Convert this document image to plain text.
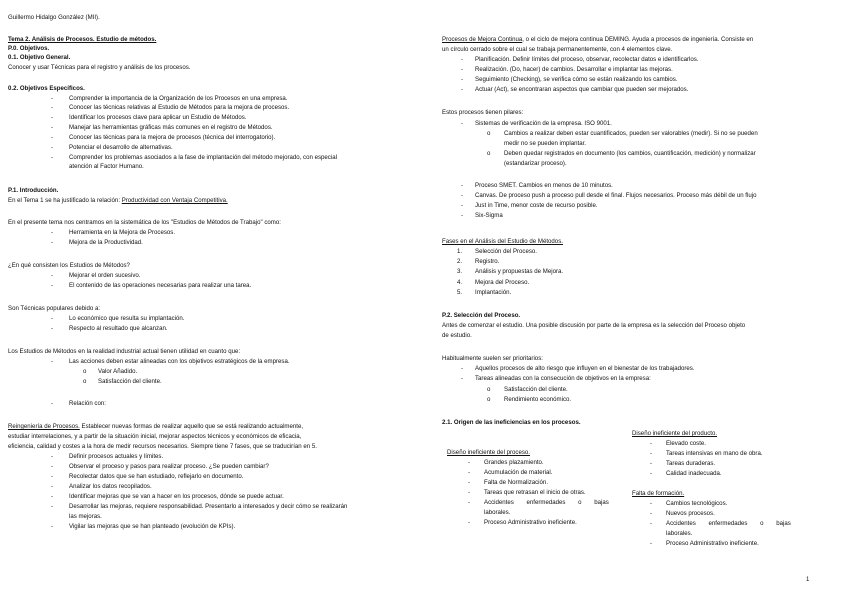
Guillermo Hidalgo González (MII).
Tema 2. Análisis de Procesos. Estudio de métodos.
P.0. Objetivos.
0.1. Objetivo General.
Conocer y usar Técnicas para el registro y análisis de los procesos.
0.2. Objetivos Específicos.
-	Comprender la importancia de la Organización de los Procesos en una empresa.
-	Conocer las técnicas relativas al Estudio de Métodos para la mejora de procesos.
-	Identificar los procesos clave para aplicar un Estudio de Métodos.
-	Manejar las herramientas gráficas más comunes en el registro de Métodos.
-	Conocer las técnicas para la mejora de procesos (técnica del interrogatorio).
-	Potenciar el desarrollo de alternativas.
-	Comprender los problemas asociados a la fase de implantación del método mejorado, con especial
atención al Factor Humano.
P.1. Introducción.
En el Tema 1 se ha justificado la relación: Productividad con Ventaja Competitiva.
En el presente tema nos centramos en la sistemática de los "Estudios de Métodos de Trabajo" como:
-	Herramienta en la Mejora de Procesos.
-	Mejora de la Productividad.
¿En qué consisten los Estudios de Métodos?
-	Mejorar el orden sucesivo.
-	El contenido de las operaciones necesarias para realizar una tarea.
Son Técnicas populares debido a:
-	Lo económico que resulta su implantación.
-	Respecto al resultado que alcanzan.
Los Estudios de Métodos en la realidad industrial actual tienen utilidad en cuanto que:
-	Las acciones deben estar alineadas con los objetivos estratégicos de la empresa.
o Valor Añadido.
o Satisfacción del cliente.
-	Relación con:
Reingeniería de Procesos. Establecer nuevas formas de realizar aquello que se está realizando actualmente,
estudiar interrelaciones, y a partir de la situación inicial, mejorar aspectos técnicos y económicos de eficacia,
eficiencia, calidad y costes a la hora de medir recursos necesarios. Siempre tiene 7 fases, que se traducirían en 5.
-	Definir procesos actuales y límites.
-	Observar el proceso y pasos para realizar proceso. ¿Se pueden cambiar?
-	Recolectar datos que se han estudiado, reflejarlo en documento.
-	Analizar los datos recopilados.
-	Identificar mejoras que se van a hacer en los procesos, dónde se puede actuar.
-	Desarrollar las mejoras, requiere responsabilidad. Presentarlo a interesados y decir cómo se realizarán
las mejoras.
-	Vigilar las mejoras que se han planteado (evolución de KPIs).
Procesos de Mejora Continua, o el ciclo de mejora continua DEMING. Ayuda a procesos de ingeniería. Consiste en
un círculo cerrado sobre el cual se trabaja permanentemente, con 4 elementos clave.
- Planificación. Definir límites del proceso, observar, recolectar datos e identificarlos.
- Realización. (Do, hacer) de cambios. Desarrollar e implantar las mejoras.
- Seguimiento (Checking), se verifica cómo se están realizando los cambios.
- Actuar (Act), se encontraran aspectos que cambiar que pueden ser mejorados.
Estos procesos tienen pilares:
- Sistemas de verificación de la empresa. ISO 9001.
o Cambios a realizar deben estar cuantificados, pueden ser valorables (medir). Si no se pueden
medir no se pueden implantar.
o Deben quedar registrados en documento (los cambios, cuantificación, medición) y normalizar
(estandarizar proceso).
- Proceso SMET. Cambios en menos de 10 minutos.
- Canvas. De proceso push a proceso pull desde el final. Flujos necesarios. Proceso más débil de un flujo
- Just in Time, menor coste de recurso posible.
- Six-Sigma
Fases en el Análisis del Estudio de Métodos.
1. Selección del Proceso.
2. Registro.
3. Análisis y propuestas de Mejora.
4. Mejora del Proceso.
5. Implantación.
P.2. Selección del Proceso.
Antes de comenzar el estudio. Una posible discusión por parte de la empresa es la selección del Proceso objeto
de estudio.
Habitualmente suelen ser prioritarios:
- Aquellos procesos de alto riesgo que influyen en el bienestar de los trabajadores.
- Tareas alineadas con la consecución de objetivos en la empresa:
o Satisfacción del cliente.
o Rendimiento económico.
2.1. Origen de las ineficiencias en los procesos.
Diseño ineficiente del proceso.
- Grandes plazamiento.
- Acumulación de material.
- Falta de Normalización.
- Tareas que retrasan el inicio de otras.
- Accidentes enfermedades o bajas
laborales.
- Proceso Administrativo ineficiente.
Diseño ineficiente del producto.
- Elevado coste.
- Tareas intensivas en mano de obra.
- Tareas duraderas.
- Calidad inadecuada.
Falta de formación.
- Cambios tecnológicos.
- Nuevos procesos.
- Accidentes enfermedades o bajas
laborales.
- Proceso Administrativo ineficiente.
1
